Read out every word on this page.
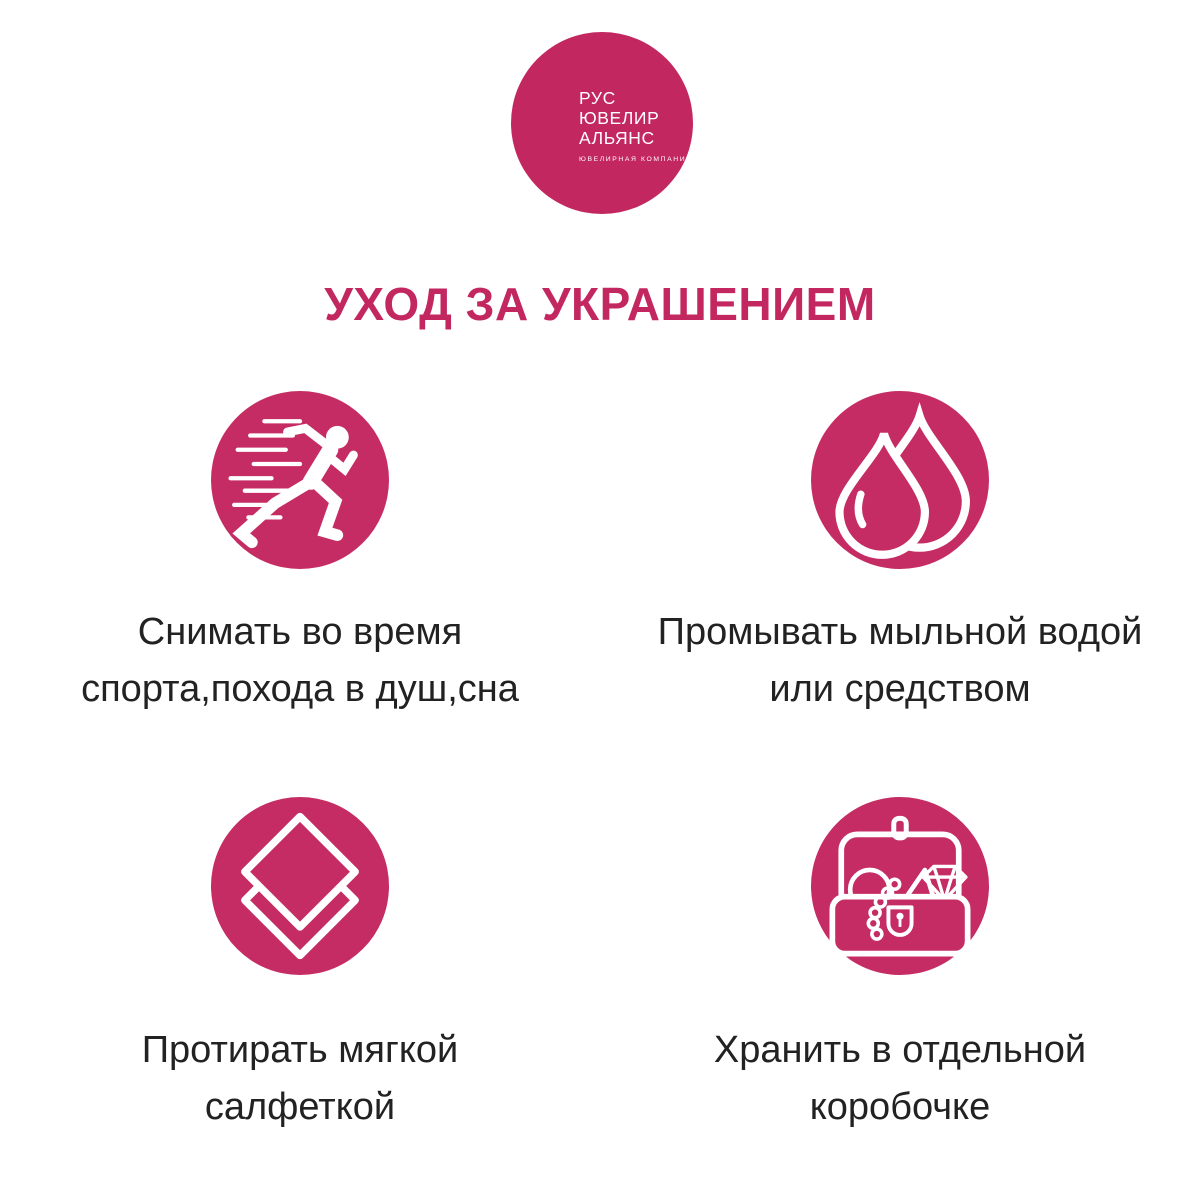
РУС
ЮВЕЛИР
АЛЬЯНС
ЮВЕЛИРНАЯ КОМПАНИЯ
УХОД ЗА УКРАШЕНИЕМ
Снимать во время
спорта,похода в душ,сна
Промывать мыльной водой
или средством
Протирать мягкой
салфеткой
Хранить в отдельной
коробочке
